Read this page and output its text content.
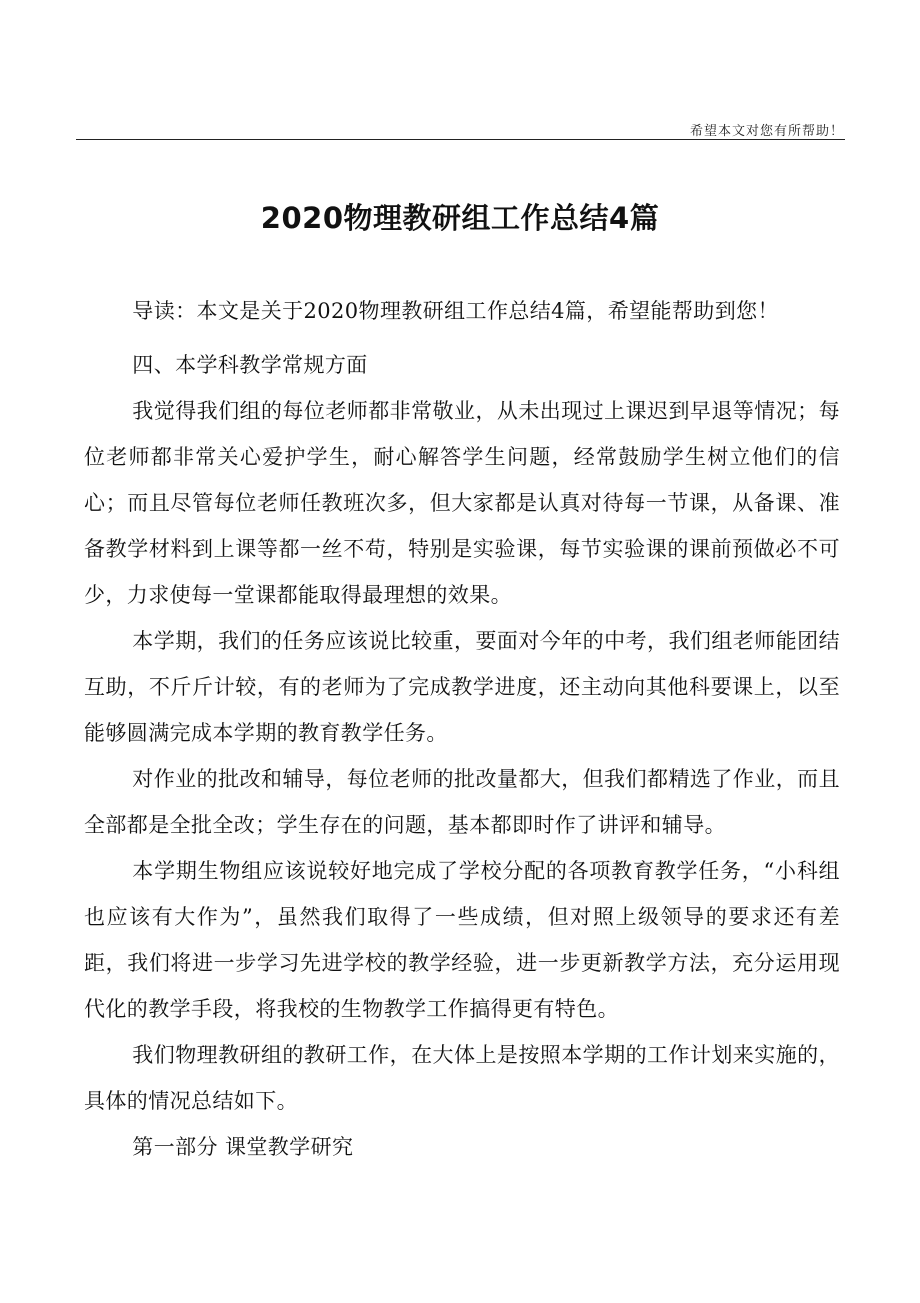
希望本文对您有所帮助！
2020物理教研组工作总结4篇

导读：本文是关于2020物理教研组工作总结4篇，希望能帮助到您！

四、本学科教学常规方面

我觉得我们组的每位老师都非常敬业，从未出现过上课迟到早退等情况；每位老师都非常关心爱护学生，耐心解答学生问题，经常鼓励学生树立他们的信心；而且尽管每位老师任教班次多，但大家都是认真对待每一节课，从备课、准备教学材料到上课等都一丝不苟，特别是实验课，每节实验课的课前预做必不可少，力求使每一堂课都能取得最理想的效果。

本学期，我们的任务应该说比较重，要面对今年的中考，我们组老师能团结互助，不斤斤计较，有的老师为了完成教学进度，还主动向其他科要课上，以至能够圆满完成本学期的教育教学任务。

对作业的批改和辅导，每位老师的批改量都大，但我们都精选了作业，而且全部都是全批全改；学生存在的问题，基本都即时作了讲评和辅导。

本学期生物组应该说较好地完成了学校分配的各项教育教学任务，“小科组也应该有大作为”，虽然我们取得了一些成绩，但对照上级领导的要求还有差距，我们将进一步学习先进学校的教学经验，进一步更新教学方法，充分运用现代化的教学手段，将我校的生物教学工作搞得更有特色。

我们物理教研组的教研工作，在大体上是按照本学期的工作计划来实施的，具体的情况总结如下。

第一部分 课堂教学研究
